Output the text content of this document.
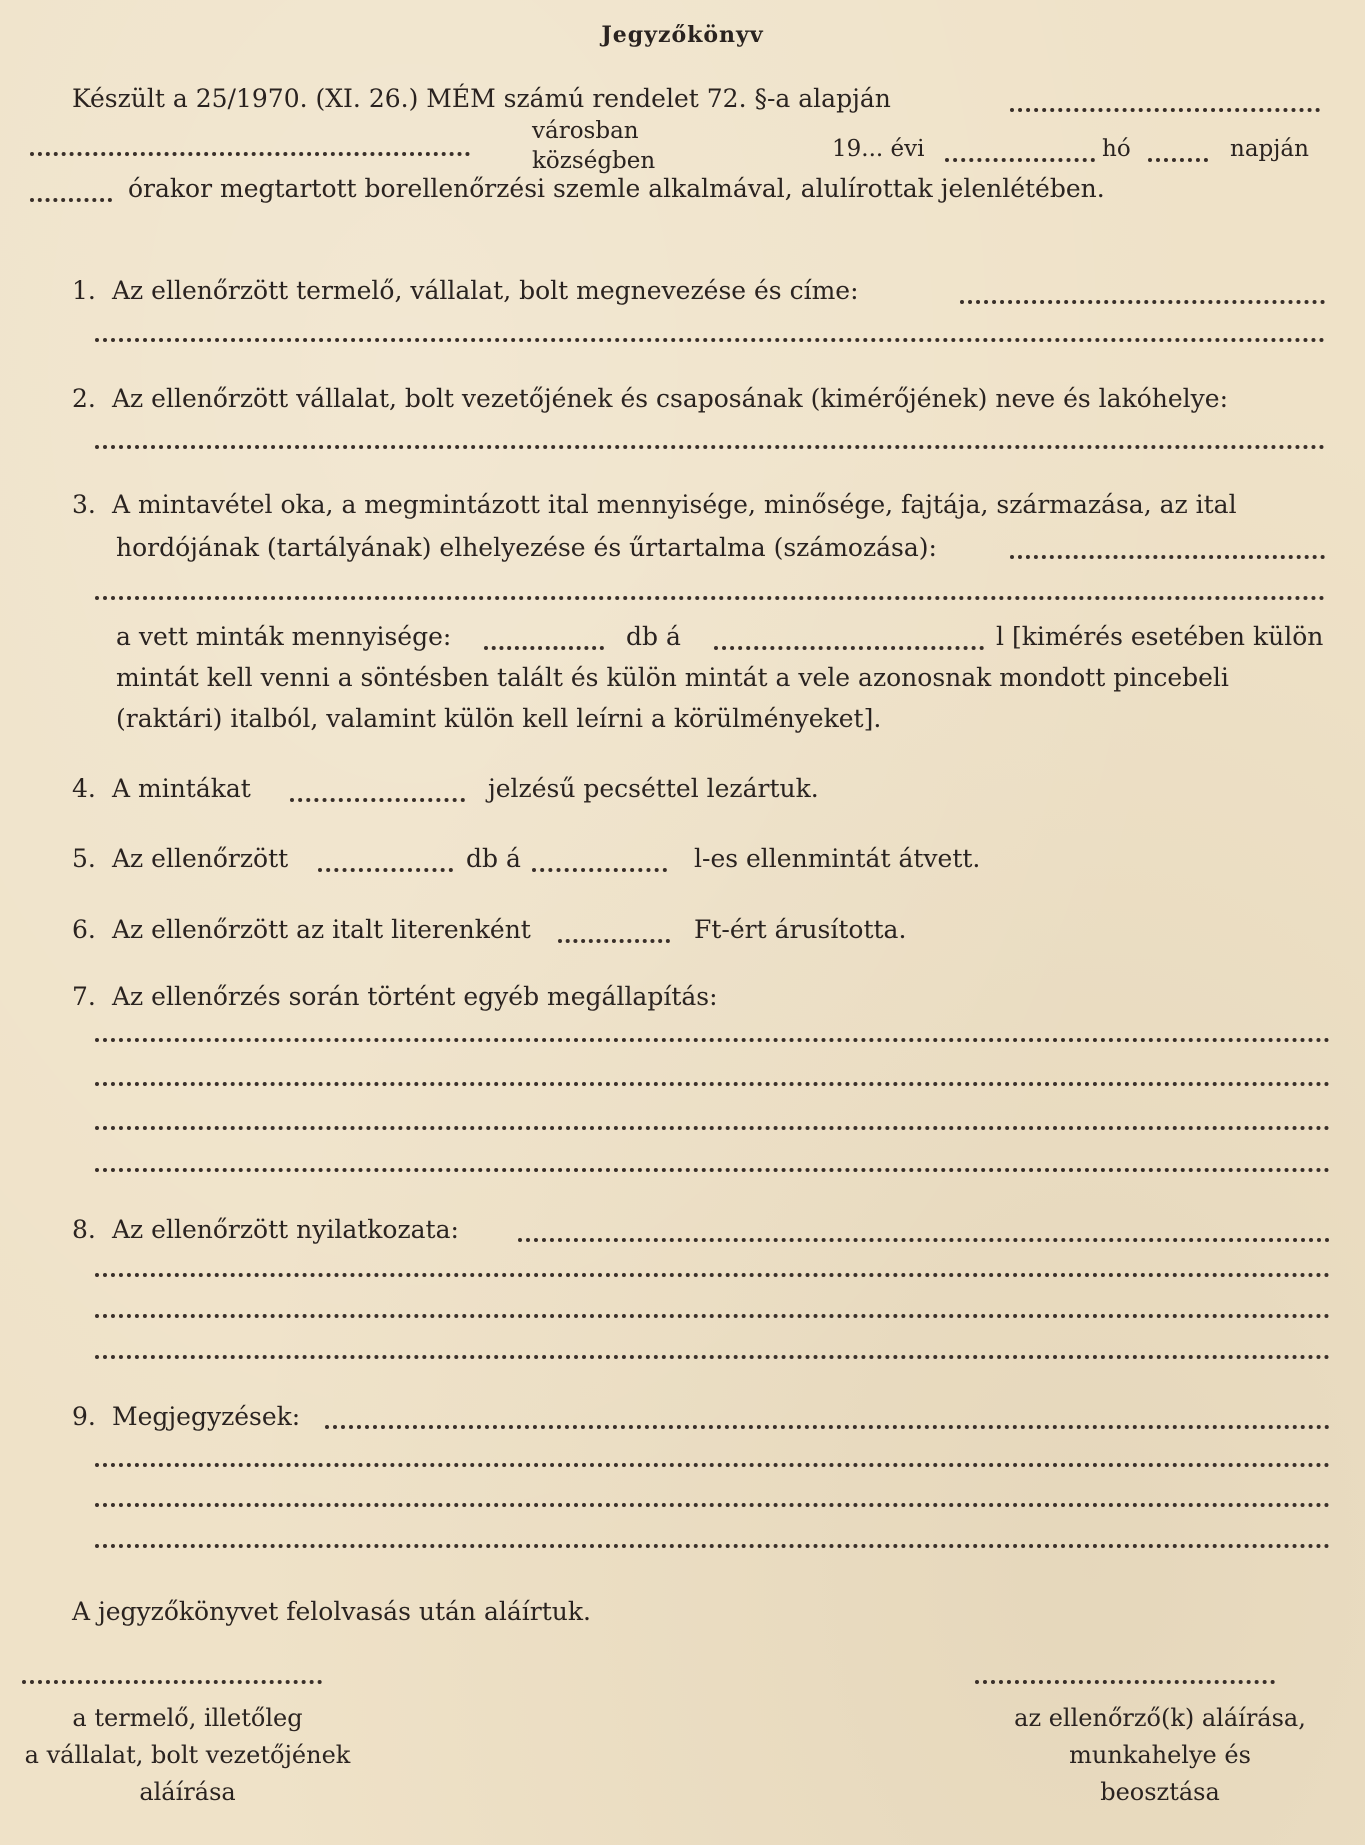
Jegyzőkönyv
Készült a 25/1970. (XI. 26.) MÉM számú rendelet 72. §-a alapján
városban
községben	19... évi	hó	napján
órakor megtartott borellenőrzési szemle alkalmával, alulírottak jelenlétében.
1. Az ellenőrzött termelő, vállalat, bolt megnevezése és címe:
2. Az ellenőrzött vállalat, bolt vezetőjének és csaposának (kimérőjének) neve és lakóhelye:
3. A mintavétel oka, a megmintázott ital mennyisége, minősége, fajtája, származása, az ital
hordójának (tartályának) elhelyezése és űrtartalma (számozása):
a vett minták mennyisége:	db á	l [kimérés esetében külön
mintát kell venni a söntésben talált és külön mintát a vele azonosnak mondott pincebeli
(raktári) italból, valamint külön kell leírni a körülményeket].
4. A mintákat	jelzésű pecséttel lezártuk.
5. Az ellenőrzött	db á	l-es ellenmintát átvett.
6. Az ellenőrzött az italt literenként	Ft-ért árusította.
7. Az ellenőrzés során történt egyéb megállapítás:
8. Az ellenőrzött nyilatkozata:
9. Megjegyzések:
A jegyzőkönyvet felolvasás után aláírtuk.
a termelő, illetőleg
a vállalat, bolt vezetőjének
aláírása
az ellenőrző(k) aláírása,
munkahelye és
beosztása
